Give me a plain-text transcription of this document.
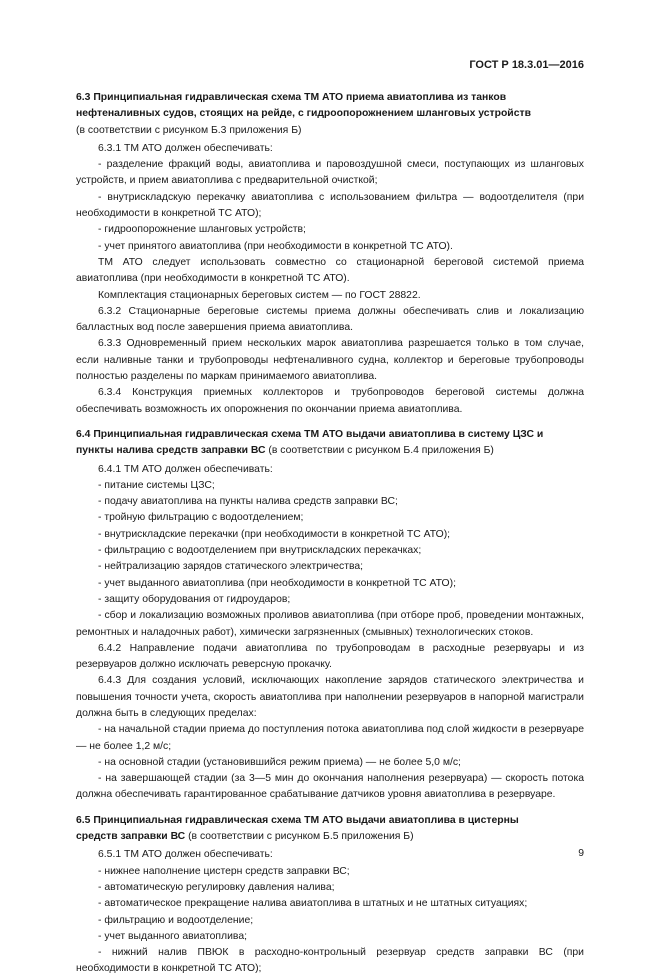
ГОСТ Р 18.3.01—2016

6.3 Принципиальная гидравлическая схема ТМ АТО приема авиатоплива из танков
нефтеналивных судов, стоящих на рейде, с гидроопорожнением шланговых устройств
(в соответствии с рисунком Б.3 приложения Б)

6.3.1 ТМ АТО должен обеспечивать:

- разделение фракций воды, авиатоплива и паровоздушной смеси, поступающих из шланговых устройств, и прием авиатоплива с предварительной очисткой;

- внутрискладскую перекачку авиатоплива с использованием фильтра — водоотделителя (при необходимости в конкретной ТС АТО);

- гидроопорожнение шланговых устройств;

- учет принятого авиатоплива (при необходимости в конкретной ТС АТО).

ТМ АТО следует использовать совместно со стационарной береговой системой приема авиатоплива (при необходимости в конкретной ТС АТО).

Комплектация стационарных береговых систем — по ГОСТ 28822.

6.3.2 Стационарные береговые системы приема должны обеспечивать слив и локализацию балластных вод после завершения приема авиатоплива.

6.3.3 Одновременный прием нескольких марок авиатоплива разрешается только в том случае, если наливные танки и трубопроводы нефтеналивного судна, коллектор и береговые трубопроводы полностью разделены по маркам принимаемого авиатоплива.

6.3.4 Конструкция приемных коллекторов и трубопроводов береговой системы должна обеспечивать возможность их опорожнения по окончании приема авиатоплива.

6.4 Принципиальная гидравлическая схема ТМ АТО выдачи авиатоплива в систему ЦЗС и
пункты налива средств заправки ВС (в соответствии с рисунком Б.4 приложения Б)

6.4.1 ТМ АТО должен обеспечивать:

- питание системы ЦЗС;

- подачу авиатоплива на пункты налива средств заправки ВС;

- тройную фильтрацию с водоотделением;

- внутрискладские перекачки (при необходимости в конкретной ТС АТО);

- фильтрацию с водоотделением при внутрискладских перекачках;

- нейтрализацию зарядов статического электричества;

- учет выданного авиатоплива (при необходимости в конкретной ТС АТО);

- защиту оборудования от гидроударов;

- сбор и локализацию возможных проливов авиатоплива (при отборе проб, проведении монтажных, ремонтных и наладочных работ), химически загрязненных (смывных) технологических стоков.

6.4.2 Направление подачи авиатоплива по трубопроводам в расходные резервуары и из резервуаров должно исключать реверсную прокачку.

6.4.3 Для создания условий, исключающих накопление зарядов статического электричества и повышения точности учета, скорость авиатоплива при наполнении резервуаров в напорной магистрали должна быть в следующих пределах:

- на начальной стадии приема до поступления потока авиатоплива под слой жидкости в резервуаре — не более 1,2 м/с;

- на основной стадии (установившийся режим приема) — не более 5,0 м/с;

- на завершающей стадии (за 3—5 мин до окончания наполнения резервуара) — скорость потока должна обеспечивать гарантированное срабатывание датчиков уровня авиатоплива в резервуаре.

6.5 Принципиальная гидравлическая схема ТМ АТО выдачи авиатоплива в цистерны
средств заправки ВС (в соответствии с рисунком Б.5 приложения Б)

6.5.1 ТМ АТО должен обеспечивать:

- нижнее наполнение цистерн средств заправки ВС;

- автоматическую регулировку давления налива;

- автоматическое прекращение налива авиатоплива в штатных и не штатных ситуациях;

- фильтрацию и водоотделение;

- учет выданного авиатоплива;

- нижний налив ПВЮК в расходно-контрольный резервуар средств заправки ВС (при необходимости в конкретной ТС АТО);

9
